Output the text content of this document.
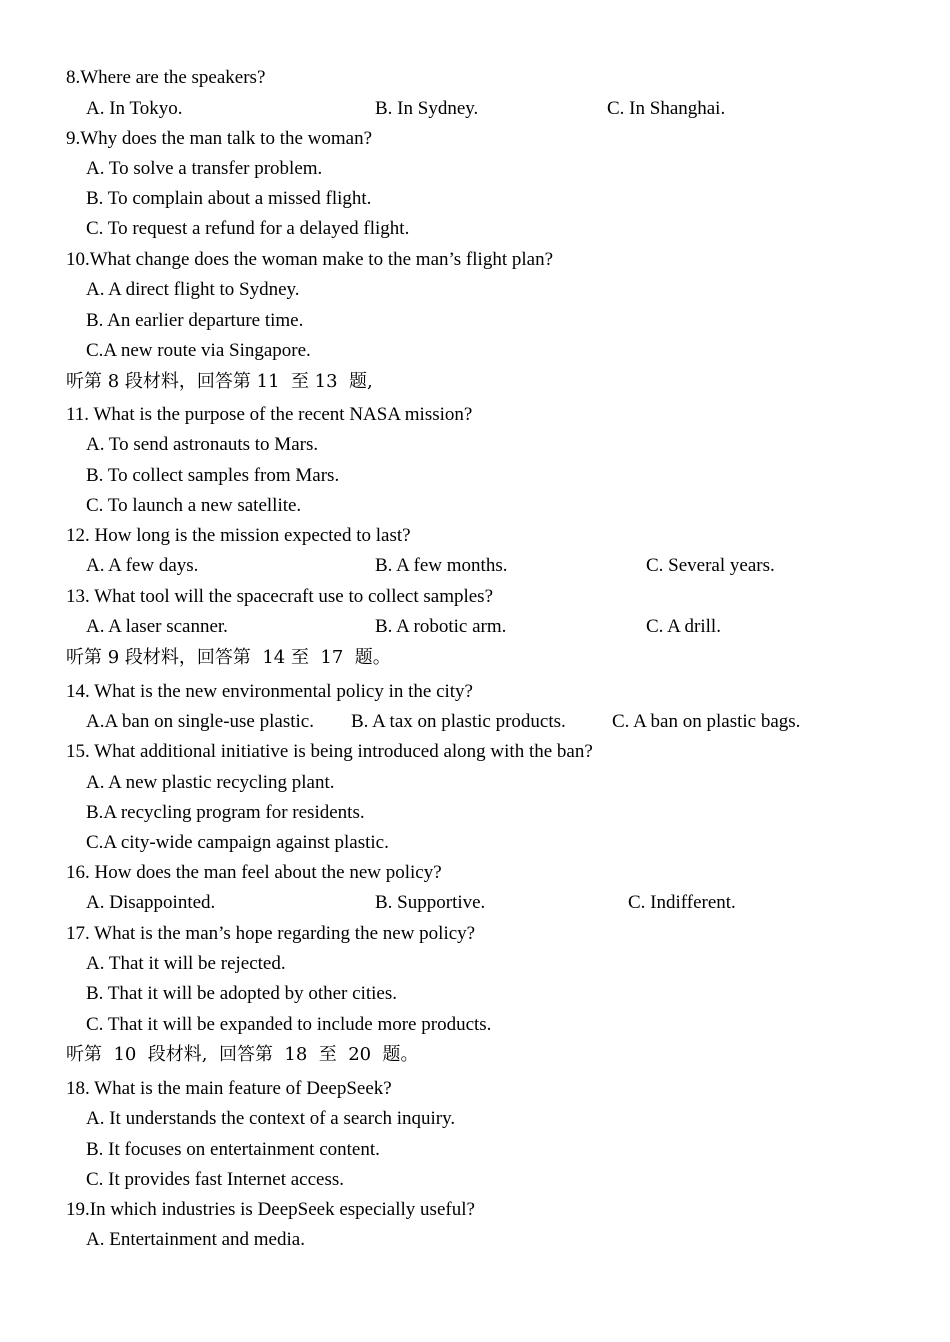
8.Where are the speakers?
A. In Tokyo.	B. In Sydney.	C. In Shanghai.
9.Why does the man talk to the woman?
A. To solve a transfer problem.
B. To complain about a missed flight.
C. To request a refund for a delayed flight.
10.What change does the woman make to the man’s flight plan?
A. A direct flight to Sydney.
B. An earlier departure time.
C.A new route via Singapore.
听第 8 段材料，回答第 11  至 13  题,
11. What is the purpose of the recent NASA mission?
A. To send astronauts to Mars.
B. To collect samples from Mars.
C. To launch a new satellite.
12. How long is the mission expected to last?
A. A few days.	B. A few months.	C. Several years.
13. What tool will the spacecraft use to collect samples?
A. A laser scanner.	B. A robotic arm.	C. A drill.
听第 9 段材料，回答第  14 至  17  题。
14. What is the new environmental policy in the city?
A.A ban on single-use plastic. B. A tax on plastic products. C. A ban on plastic bags.
15. What additional initiative is being introduced along with the ban?
A. A new plastic recycling plant.
B.A recycling program for residents.
C.A city-wide campaign against plastic.
16. How does the man feel about the new policy?
A. Disappointed.	B. Supportive.	C. Indifferent.
17. What is the man’s hope regarding the new policy?
A. That it will be rejected.
B. That it will be adopted by other cities.
C. That it will be expanded to include more products.
听第  10  段材料,  回答第  18  至  20  题。
18. What is the main feature of DeepSeek?
A. It understands the context of a search inquiry.
B. It focuses on entertainment content.
C. It provides fast Internet access.
19.In which industries is DeepSeek especially useful?
A. Entertainment and media.
